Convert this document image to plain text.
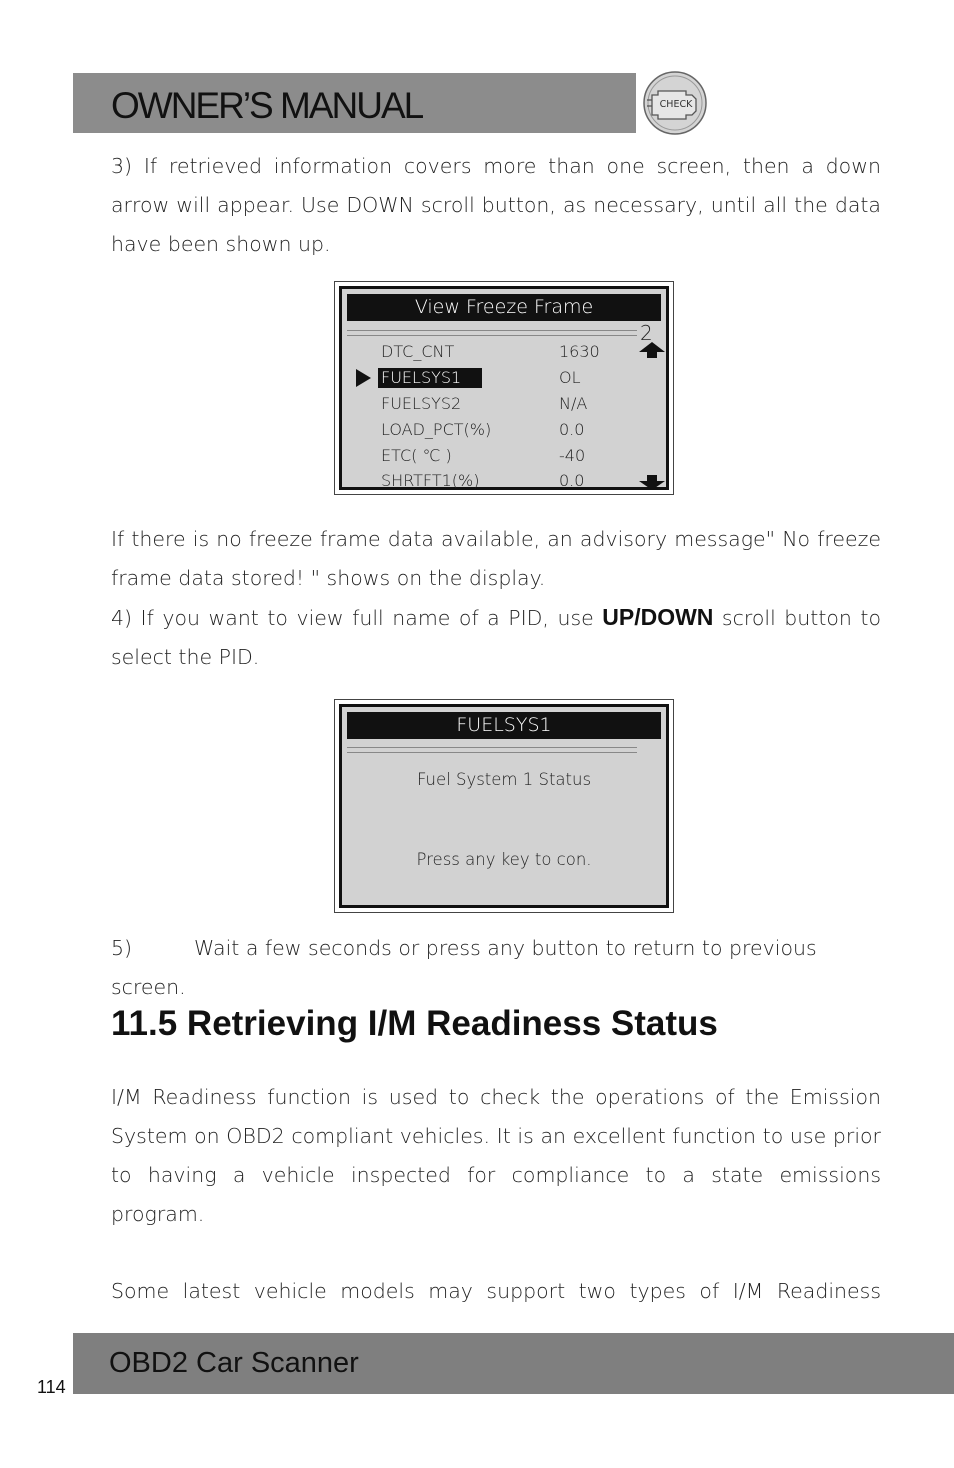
OWNER’S MANUAL	CHECK

3) If retrieved information covers more than one screen, then a down arrow will appear. Use DOWN scroll button, as necessary, until all the data have been shown up.

View Freeze Frame
2
DTC_CNT	1630
FUELSYS1	OL
FUELSYS2	N/A
LOAD_PCT(%)	0.0
ETC( ℃ )	-40
SHRTFT1(%)	0.0

If there is no freeze frame data available, an advisory message" No freeze frame data stored! " shows on the display.

4) If you want to view full name of a PID, use UP/DOWN scroll button to select the PID.

FUELSYS1
Fuel System 1 Status
Press any key to con.

5)	Wait a few seconds or press any button to return to previous screen.

11.5 Retrieving I/M Readiness Status

I/M Readiness function is used to check the operations of the Emission System on OBD2 compliant vehicles. It is an excellent function to use prior to having a vehicle inspected for compliance to a state emissions program.

Some latest vehicle models may support two types of I/M Readiness

OBD2 Car Scanner
114
